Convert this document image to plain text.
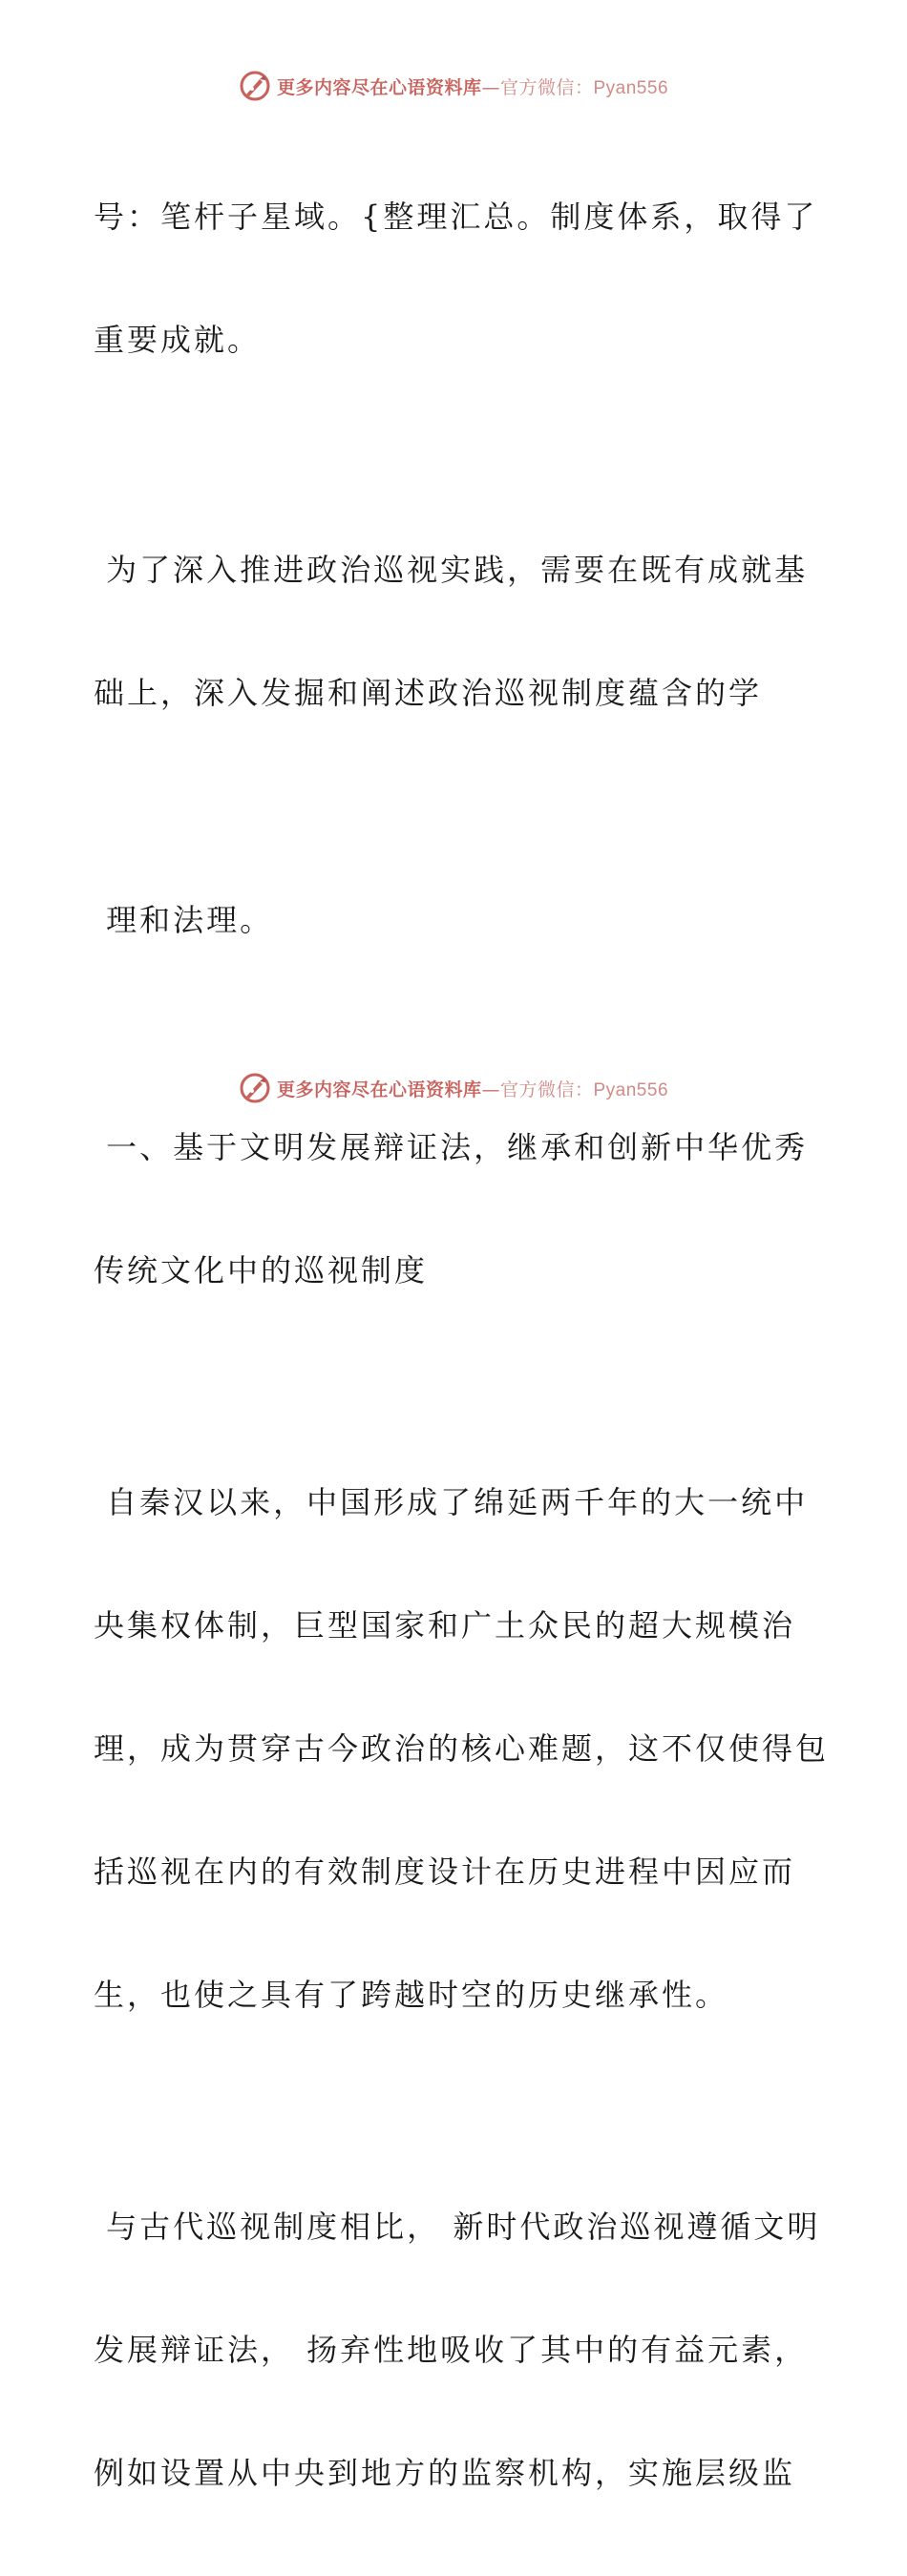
更多内容尽在心语资料库—官方微信：Pyan556

号：笔杆子星域。{整理汇总。制度体系，取得了

重要成就。

为了深入推进政治巡视实践，需要在既有成就基

础上，深入发掘和阐述政治巡视制度蕴含的学

理和法理。

一、基于文明发展辩证法，继承和创新中华优秀

传统文化中的巡视制度

自秦汉以来，中国形成了绵延两千年的大一统中

央集权体制，巨型国家和广土众民的超大规模治

理，成为贯穿古今政治的核心难题，这不仅使得包

括巡视在内的有效制度设计在历史进程中因应而

生，也使之具有了跨越时空的历史继承性。

与古代巡视制度相比， 新时代政治巡视遵循文明

发展辩证法， 扬弃性地吸收了其中的有益元素，

例如设置从中央到地方的监察机构，实施层级监

更多内容尽在心语资料库—官方微信：Pyan556
